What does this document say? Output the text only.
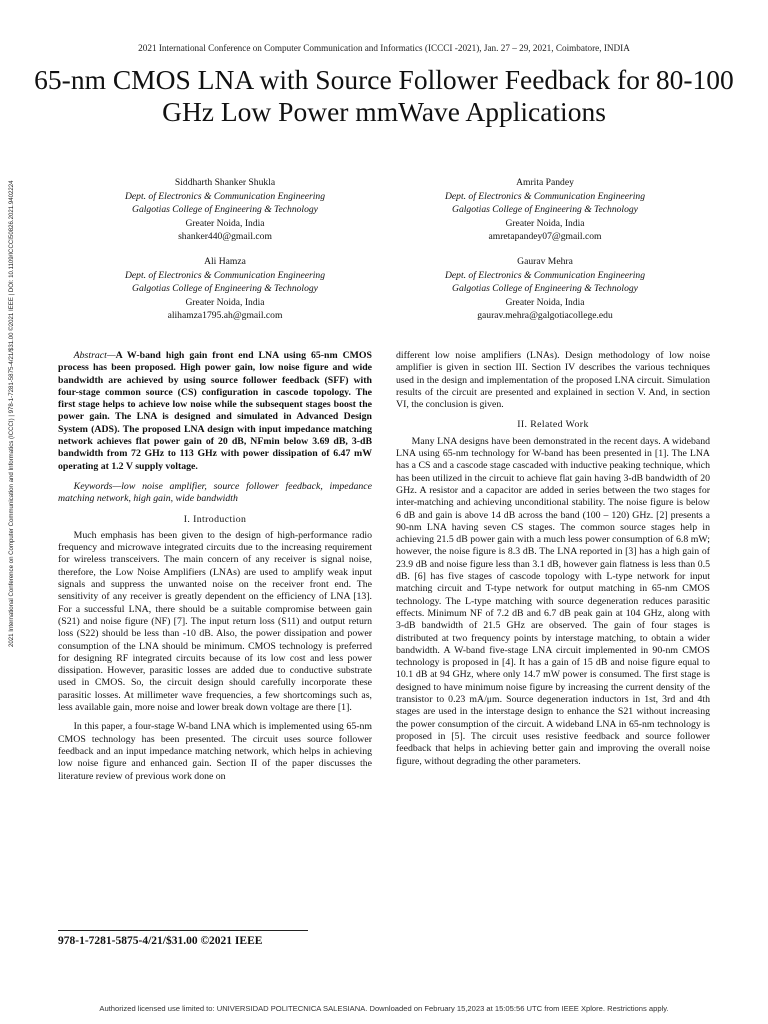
2021 International Conference on Computer Communication and Informatics (ICCCI -2021), Jan. 27 – 29, 2021, Coimbatore, INDIA
65-nm CMOS LNA with Source Follower Feedback for 80-100 GHz Low Power mmWave Applications
Siddharth Shanker Shukla
Dept. of Electronics & Communication Engineering
Galgotias College of Engineering & Technology
Greater Noida, India
shanker440@gmail.com
Amrita Pandey
Dept. of Electronics & Communication Engineering
Galgotias College of Engineering & Technology
Greater Noida, India
amretapandey07@gmail.com
Ali Hamza
Dept. of Electronics & Communication Engineering
Galgotias College of Engineering & Technology
Greater Noida, India
alihamza1795.ah@gmail.com
Gaurav Mehra
Dept. of Electronics & Communication Engineering
Galgotias College of Engineering & Technology
Greater Noida, India
gaurav.mehra@galgotiacollege.edu
2021 International Conference on Computer Communication and Informatics (ICCCI) | 978-1-7281-5875-4/21/$31.00 ©2021 IEEE | DOI: 10.1109/ICCCI50826.2021.9402224	Abstract—A W-band high gain front end LNA using 65-nm CMOS process has been proposed. High power gain, low noise figure and wide bandwidth are achieved by using source follower feedback (SFF) with four-stage common source (CS) configuration in cascode topology. The first stage helps to achieve low noise while the subsequent stages boost the power gain. The LNA is designed and simulated in Advanced Design System (ADS). The proposed LNA design with input impedance matching network achieves flat power gain of 20 dB, NFmin below 3.69 dB, 3-dB bandwidth from 72 GHz to 113 GHz with power dissipation of 6.47 mW operating at 1.2 V supply voltage.

Keywords—low noise amplifier, source follower feedback, impedance matching network, high gain, wide bandwidth

I. Introduction

Much emphasis has been given to the design of high-performance radio frequency and microwave integrated circuits due to the increasing requirement for wireless transceivers. The main concern of any receiver is signal noise, therefore, the Low Noise Amplifiers (LNAs) are used to amplify weak input signals and suppress the unwanted noise on the receiver front end. The sensitivity of any receiver is greatly dependent on the efficiency of LNA [13]. For a successful LNA, there should be a suitable compromise between gain (S21) and noise figure (NF) [7]. The input return loss (S11) and output return loss (S22) should be less than -10 dB. Also, the power dissipation and power consumption of the LNA should be minimum. CMOS technology is preferred for designing RF integrated circuits because of its low cost and less power dissipation. However, parasitic losses are added due to conductive substrate used in CMOS. So, the circuit design should carefully incorporate these parasitic losses. At millimeter wave frequencies, a few shortcomings such as, less available gain, more noise and lower break down voltage are there [1].

In this paper, a four-stage W-band LNA which is implemented using 65-nm CMOS technology has been presented. The circuit uses source follower feedback and an input impedance matching network, which helps in achieving low noise figure and enhanced gain. Section II of the paper discusses the literature review of previous work done on

different low noise amplifiers (LNAs). Design methodology of low noise amplifier is given in section III. Section IV describes the various techniques used in the design and implementation of the proposed LNA circuit. Simulation results of the circuit are presented and explained in section V. And, in section VI, the conclusion is given.

II. Related Work

Many LNA designs have been demonstrated in the recent days. A wideband LNA using 65-nm technology for W-band has been presented in [1]. The LNA has a CS and a cascode stage cascaded with inductive peaking technique, which has been utilized in the circuit to achieve flat gain having 3-dB bandwidth of 20 GHz. A resistor and a capacitor are added in series between the two stages for inter-matching and achieving unconditional stability. The noise figure is below 6 dB and gain is above 14 dB across the band (100 – 120) GHz. [2] presents a 90-nm LNA having seven CS stages. The common source stages help in achieving 21.5 dB power gain with a much less power consumption of 6.8 mW; however, the noise figure is 8.3 dB. The LNA reported in [3] has a high gain of 23.9 dB and noise figure less than 3.1 dB, however gain flatness is less than 0.5 dB. [6] has five stages of cascode topology with L-type network for input matching circuit and T-type network for output matching in 65-nm CMOS technology. The L-type matching with source degeneration reduces parasitic effects. Minimum NF of 7.2 dB and 6.7 dB peak gain at 104 GHz, along with 3-dB bandwidth of 21.5 GHz are observed. The gain of four stages is distributed at two frequency points by interstage matching, to obtain a wider bandwidth. A W-band five-stage LNA circuit implemented in 90-nm CMOS technology is proposed in [4]. It has a gain of 15 dB and noise figure equal to 10.1 dB at 94 GHz, where only 14.7 mW power is consumed. The first stage is designed to have minimum noise figure by increasing the current density of the transistor to 0.23 mA/μm. Source degeneration inductors in 1st, 3rd and 4th stages are used in the interstage design to enhance the S21 without increasing the power consumption of the circuit. A wideband LNA in 65-nm technology is proposed in [5]. The circuit uses resistive feedback and source follower feedback that helps in achieving better gain and improving the overall noise figure, without degrading the other parameters.

978-1-7281-5875-4/21/$31.00 ©2021 IEEE
Authorized licensed use limited to: UNIVERSIDAD POLITECNICA SALESIANA. Downloaded on February 15,2023 at 15:05:56 UTC from IEEE Xplore. Restrictions apply.
